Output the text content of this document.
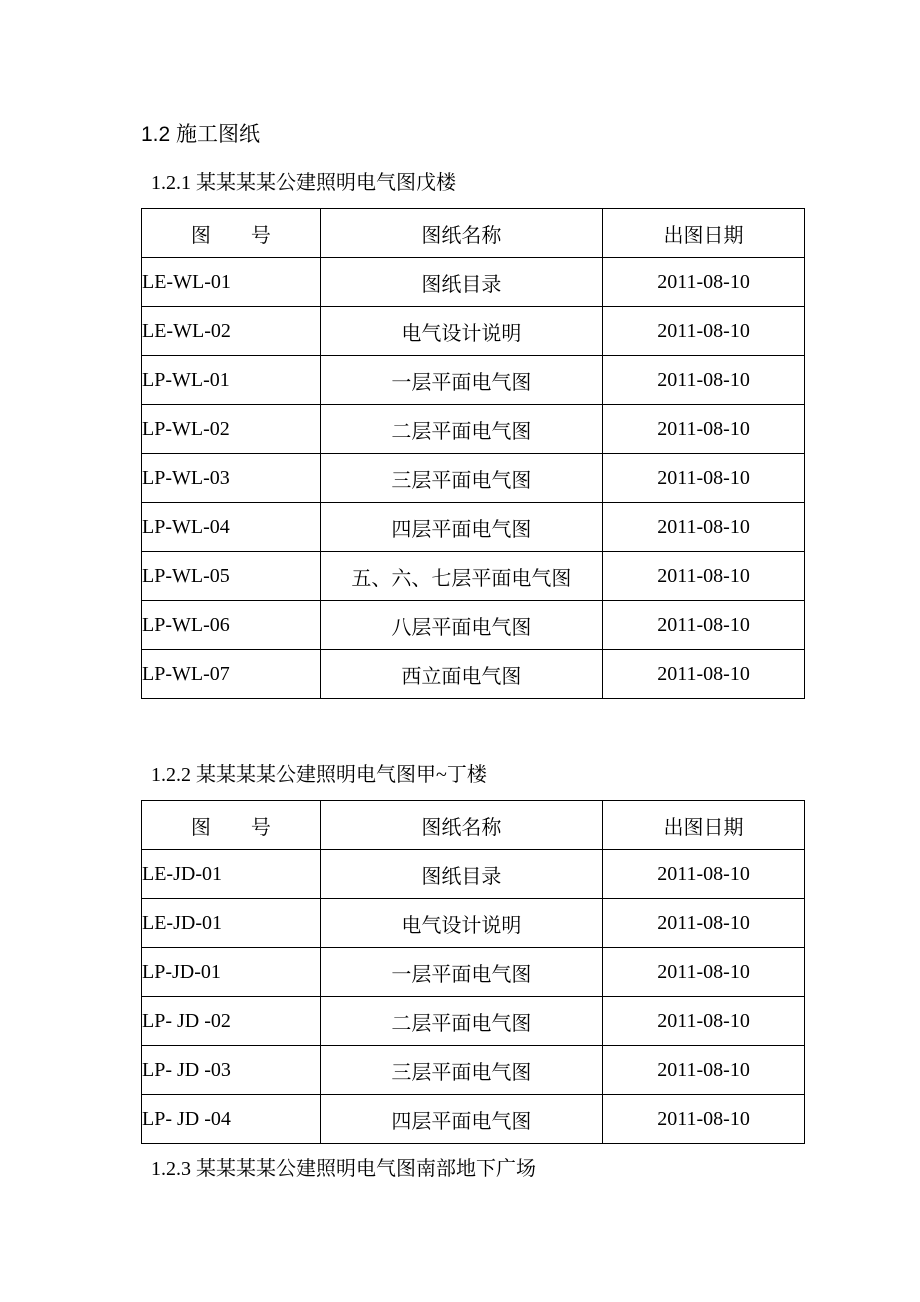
1.2 施工图纸
1.2.1 某某某某公建照明电气图戊楼
图        号	图纸名称	出图日期
LE-WL-01	图纸目录	2011-08-10
LE-WL-02	电气设计说明	2011-08-10
LP-WL-01	一层平面电气图	2011-08-10
LP-WL-02	二层平面电气图	2011-08-10
LP-WL-03	三层平面电气图	2011-08-10
LP-WL-04	四层平面电气图	2011-08-10
LP-WL-05	五、六、七层平面电气图	2011-08-10
LP-WL-06	八层平面电气图	2011-08-10
LP-WL-07	西立面电气图	2011-08-10
1.2.2 某某某某公建照明电气图甲~丁楼
图        号	图纸名称	出图日期
LE-JD-01	图纸目录	2011-08-10
LE-JD-01	电气设计说明	2011-08-10
LP-JD-01	一层平面电气图	2011-08-10
LP- JD -02	二层平面电气图	2011-08-10
LP- JD -03	三层平面电气图	2011-08-10
LP- JD -04	四层平面电气图	2011-08-10
1.2.3 某某某某公建照明电气图南部地下广场
